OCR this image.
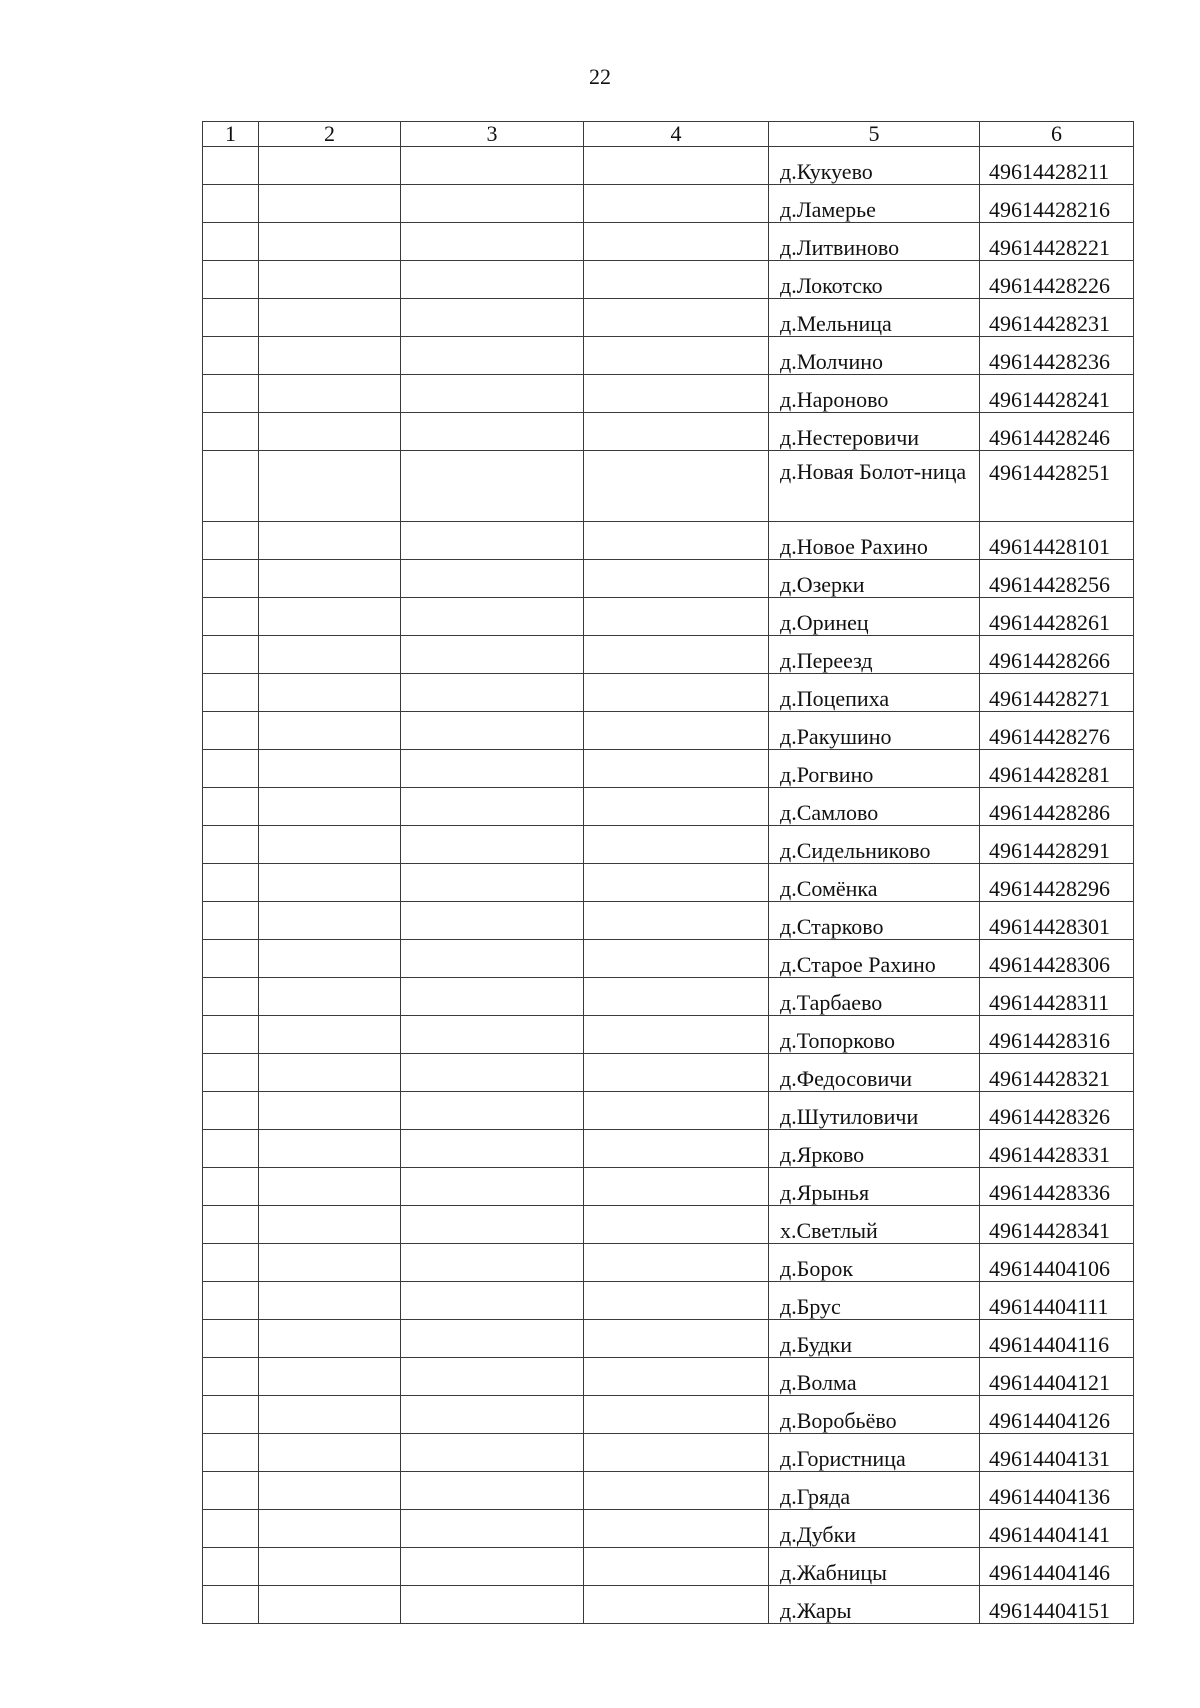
22
1	2	3	4	5	6
				д.Кукуево	49614428211
				д.Ламерье	49614428216
				д.Литвиново	49614428221
				д.Локотско	49614428226
				д.Мельница	49614428231
				д.Молчино	49614428236
				д.Нароново	49614428241
				д.Нестеровичи	49614428246
				д.Новая Болот-ница	49614428251
				д.Новое Рахино	49614428101
				д.Озерки	49614428256
				д.Оринец	49614428261
				д.Переезд	49614428266
				д.Поцепиха	49614428271
				д.Ракушино	49614428276
				д.Рогвино	49614428281
				д.Самлово	49614428286
				д.Сидельниково	49614428291
				д.Сомёнка	49614428296
				д.Старково	49614428301
				д.Старое Рахино	49614428306
				д.Тарбаево	49614428311
				д.Топорково	49614428316
				д.Федосовичи	49614428321
				д.Шутиловичи	49614428326
				д.Ярково	49614428331
				д.Ярынья	49614428336
				х.Светлый	49614428341
				д.Борок	49614404106
				д.Брус	49614404111
				д.Будки	49614404116
				д.Волма	49614404121
				д.Воробьёво	49614404126
				д.Гористница	49614404131
				д.Гряда	49614404136
				д.Дубки	49614404141
				д.Жабницы	49614404146
				д.Жары	49614404151
